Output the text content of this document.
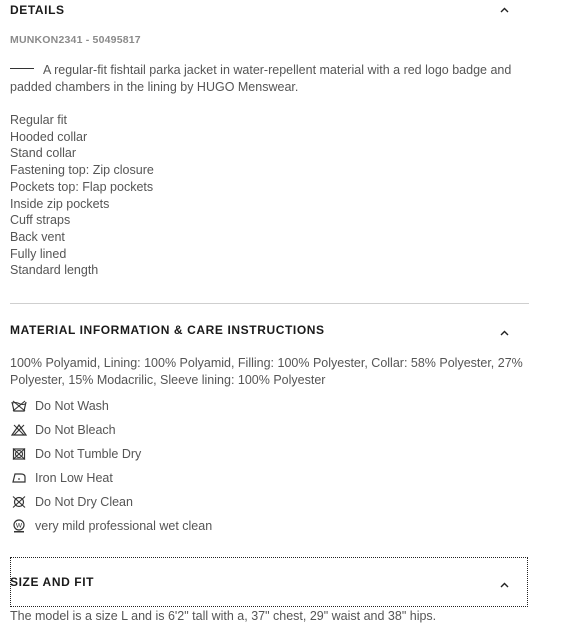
DETAILS
MUNKON2341 - 50495817
A regular-fit fishtail parka jacket in water-repellent material with a red logo badge and padded chambers in the lining by HUGO Menswear.
Regular fit
Hooded collar
Stand collar
Fastening top: Zip closure
Pockets top: Flap pockets
Inside zip pockets
Cuff straps
Back vent
Fully lined
Standard length
MATERIAL INFORMATION & CARE INSTRUCTIONS
100% Polyamid, Lining: 100% Polyamid, Filling: 100% Polyester, Collar: 58% Polyester, 27% Polyester, 15% Modacrilic, Sleeve lining: 100% Polyester
Do Not Wash
Do Not Bleach
Do Not Tumble Dry
Iron Low Heat
Do Not Dry Clean
W very mild professional wet clean
SIZE AND FIT
The model is a size L and is 6'2" tall with a, 37" chest, 29" waist and 38" hips.
